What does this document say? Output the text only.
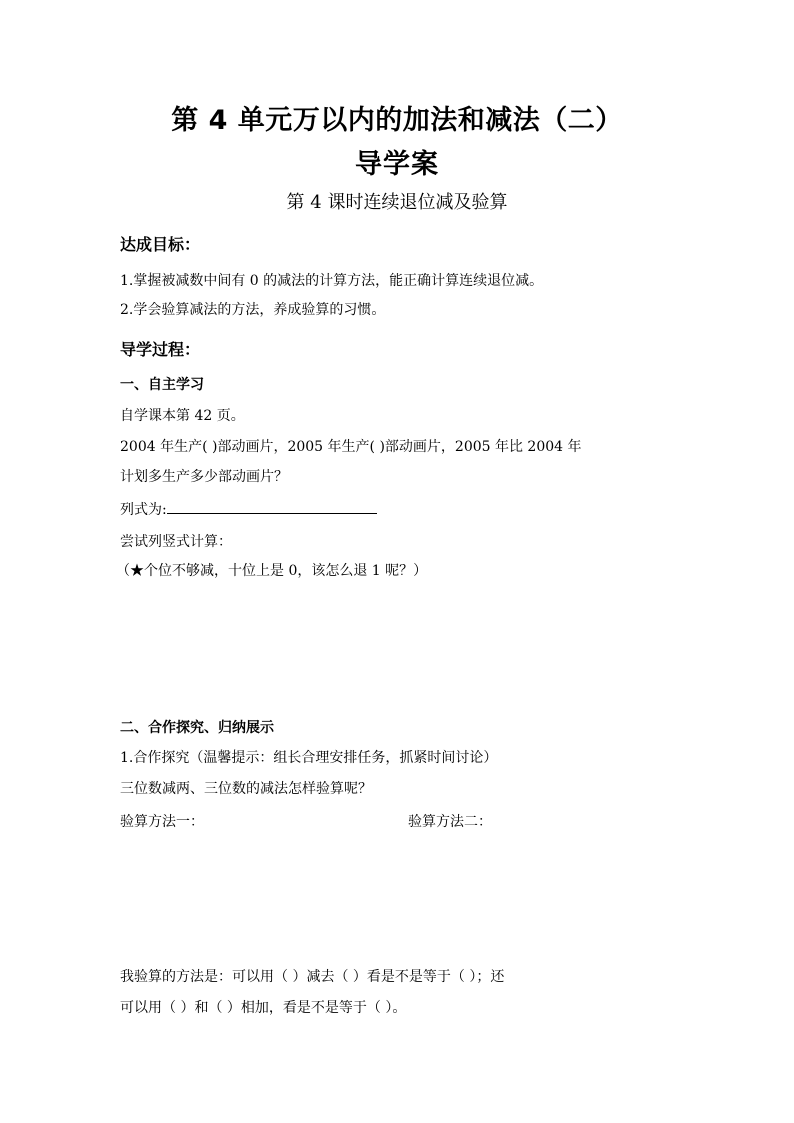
第 4 单元万以内的加法和减法（二）
导学案
第 4 课时连续退位减及验算
达成目标：
1.掌握被减数中间有 0 的减法的计算方法，能正确计算连续退位减。
2.学会验算减法的方法，养成验算的习惯。
导学过程：
一、自主学习
自学课本第 42 页。
2004 年生产( )部动画片，2005 年生产( )部动画片，2005 年比 2004 年
计划多生产多少部动画片？
列式为:
尝试列竖式计算：
（★个位不够减，十位上是 0，该怎么退 1 呢？）
二、合作探究、归纳展示
1.合作探究（温馨提示：组长合理安排任务，抓紧时间讨论）
三位数减两、三位数的减法怎样验算呢？
验算方法一：	验算方法二：
我验算的方法是：可以用（ ）减去（ ）看是不是等于（ ）；还
可以用（ ）和（ ）相加，看是不是等于（ ）。
